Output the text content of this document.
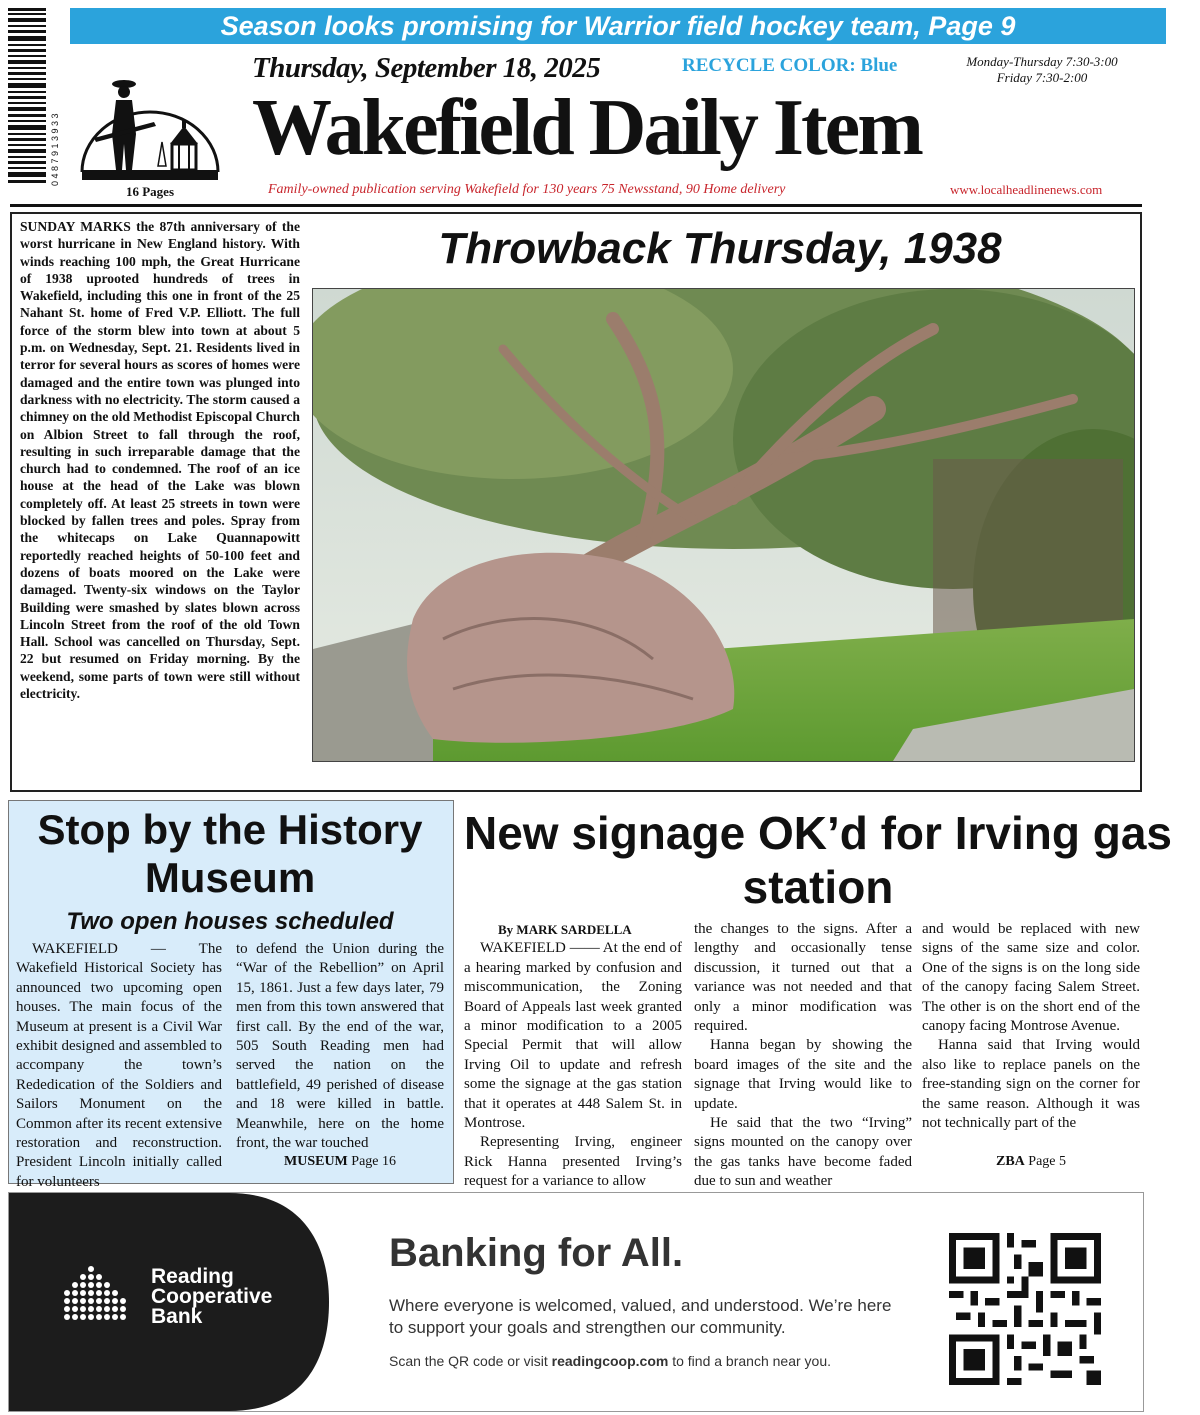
0 4 8 7 9 1 3 9 3 3
Season looks promising for Warrior field hockey team, Page 9
16 Pages
Thursday, September 18, 2025	RECYCLE COLOR: Blue	Monday-Thursday 7:30-3:00
Friday 7:30-2:00
Wakefield Daily Item
Family-owned publication serving Wakefield for 130 years 75 Newsstand, 90 Home delivery	www.localheadlinenews.com
SUNDAY MARKS the 87th anniversary of the worst hurricane in New England history. With winds reaching 100 mph, the Great Hurricane of 1938 uprooted hundreds of trees in Wakefield, including this one in front of the 25 Nahant St. home of Fred V.P. Elliott. The full force of the storm blew into town at about 5 p.m. on Wednesday, Sept. 21. Residents lived in terror for several hours as scores of homes were damaged and the entire town was plunged into darkness with no electricity. The storm caused a chimney on the old Methodist Episcopal Church on Albion Street to fall through the roof, resulting in such irreparable damage that the church had to condemned. The roof of an ice house at the head of the Lake was blown completely off. At least 25 streets in town were blocked by fallen trees and poles. Spray from the whitecaps on Lake Quannapowitt reportedly reached heights of 50-100 feet and dozens of boats moored on the Lake were damaged. Twenty-six windows on the Taylor Building were smashed by slates blown across Lincoln Street from the roof of the old Town Hall. School was cancelled on Thursday, Sept. 22 but resumed on Friday morning. By the weekend, some parts of town were still without electricity.
Throwback Thursday, 1938
Stop by the History Museum
Two open houses scheduled

WAKEFIELD — The Wakefield Historical Society has announced two upcoming open houses. The main focus of the Museum at present is a Civil War exhibit designed and assembled to accompany the town’s Rededication of the Soldiers and Sailors Monument on the Common after its recent extensive restoration and reconstruction. President Lincoln initially called for volunteers

to defend the Union during the “War of the Rebellion” on April 15, 1861. Just a few days later, 79 men from this town answered that first call. By the end of the war, 505 South Reading men had served the nation on the battlefield, 49 perished of disease and 18 were killed in battle. Meanwhile, here on the home front, the war touched

MUSEUM Page 16
New signage OK’d for Irving gas station
By MARK SARDELLA

WAKEFIELD —— At the end of a hearing marked by confusion and miscommunication, the Zoning Board of Appeals last week granted a minor modification to a 2005 Special Permit that will allow Irving Oil to update and refresh some the signage at the gas station that it operates at 448 Salem St. in Montrose.

Representing Irving, engineer Rick Hanna presented Irving’s request for a variance to allow

the changes to the signs. After a lengthy and occasionally tense discussion, it turned out that a variance was not needed and that only a minor modification was required.

Hanna began by showing the board images of the site and the signage that Irving would like to update.

He said that the two “Irving” signs mounted on the canopy over the gas tanks have become faded due to sun and weather

and would be replaced with new signs of the same size and color. One of the signs is on the long side of the canopy facing Salem Street. The other is on the short end of the canopy facing Montrose Avenue.

Hanna said that Irving would also like to replace panels on the free-standing sign on the corner for the same reason. Although it was not technically part of the

ZBA Page 5
Reading
Cooperative
Bank
Banking for All.
Where everyone is welcomed, valued, and understood. We’re here to support your goals and strengthen our community.
Scan the QR code or visit readingcoop.com to find a branch near you.
